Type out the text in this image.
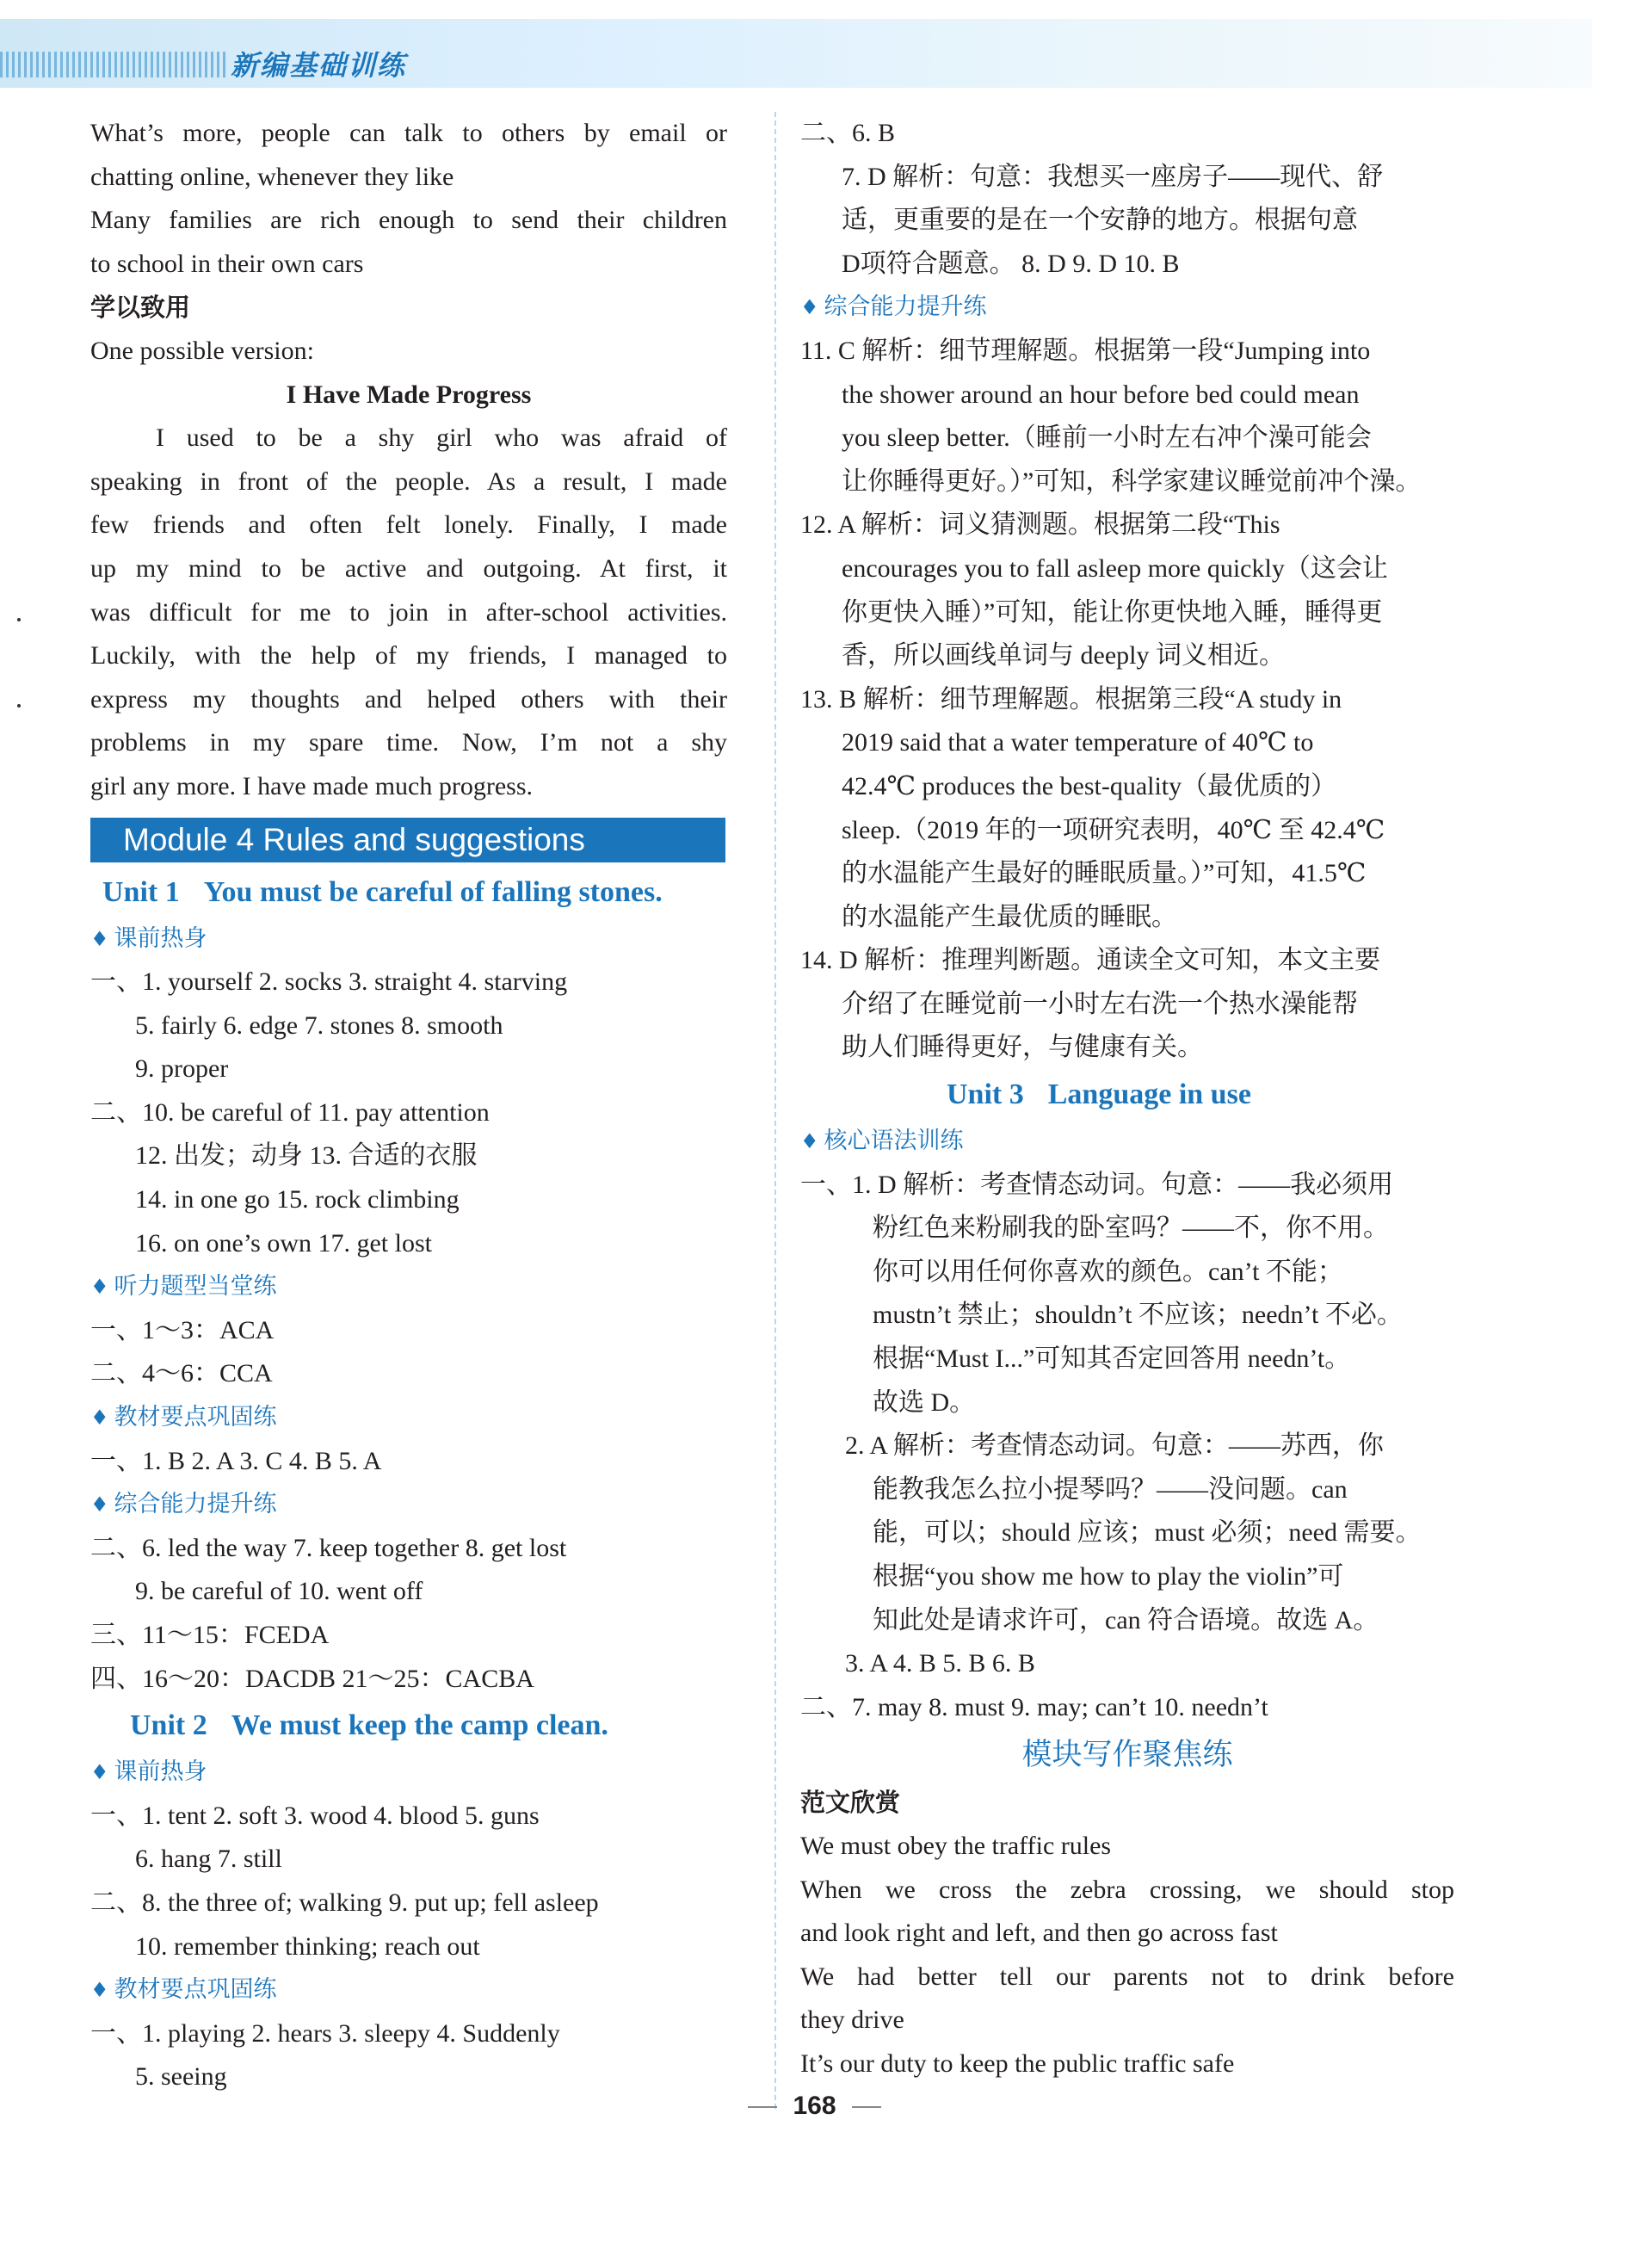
新编基础训练
What’s more, people can talk to others by email or
chatting online, whenever they like
Many families are rich enough to send their children
to school in their own cars
学以致用
One possible version:
I Have Made Progress
I used to be a shy girl who was afraid of
speaking in front of the people. As a result, I made
few friends and often felt lonely. Finally, I made
up my mind to be active and outgoing. At first, it
was difficult for me to join in after-school activities.
Luckily, with the help of my friends, I managed to
express my thoughts and helped others with their
problems in my spare time. Now, I’m not a shy
girl any more. I have made much progress.
Module 4 Rules and suggestions
Unit 1 You must be careful of falling stones.
♦ 课前热身
一、1. yourself 2. socks 3. straight 4. starving
5. fairly 6. edge 7. stones 8. smooth
9. proper
二、10. be careful of 11. pay attention
12. 出发；动身 13. 合适的衣服
14. in one go 15. rock climbing
16. on one’s own 17. get lost
♦ 听力题型当堂练
一、1～3：ACA
二、4～6：CCA
♦ 教材要点巩固练
一、1. B 2. A 3. C 4. B 5. A
♦ 综合能力提升练
二、6. led the way 7. keep together 8. get lost
9. be careful of 10. went off
三、11～15：FCEDA
四、16～20：DACDB 21～25：CACBA
Unit 2 We must keep the camp clean.
♦ 课前热身
一、1. tent 2. soft 3. wood 4. blood 5. guns
6. hang 7. still
二、8. the three of; walking 9. put up; fell asleep
10. remember thinking; reach out
♦ 教材要点巩固练
一、1. playing 2. hears 3. sleepy 4. Suddenly
5. seeing
二、6. B
7. D 解析：句意：我想买一座房子——现代、舒
适，更重要的是在一个安静的地方。根据句意
D项符合题意。 8. D 9. D 10. B
♦ 综合能力提升练
11. C 解析：细节理解题。根据第一段“Jumping into
the shower around an hour before bed could mean
you sleep better.（睡前一小时左右冲个澡可能会
让你睡得更好。）”可知，科学家建议睡觉前冲个澡。
12. A 解析：词义猜测题。根据第二段“This
encourages you to fall asleep more quickly（这会让
你更快入睡）”可知，能让你更快地入睡，睡得更
香，所以画线单词与 deeply 词义相近。
13. B 解析：细节理解题。根据第三段“A study in
2019 said that a water temperature of 40℃ to
42.4℃ produces the best-quality（最优质的）
sleep.（2019 年的一项研究表明，40℃ 至 42.4℃
的水温能产生最好的睡眠质量。）”可知，41.5℃
的水温能产生最优质的睡眠。
14. D 解析：推理判断题。通读全文可知，本文主要
介绍了在睡觉前一小时左右洗一个热水澡能帮
助人们睡得更好，与健康有关。
Unit 3 Language in use
♦ 核心语法训练
一、1. D 解析：考查情态动词。句意：——我必须用
粉红色来粉刷我的卧室吗？——不，你不用。
你可以用任何你喜欢的颜色。can’t 不能；
mustn’t 禁止；shouldn’t 不应该；needn’t 不必。
根据“Must I...”可知其否定回答用 needn’t。
故选 D。
2. A 解析：考查情态动词。句意：——苏西，你
能教我怎么拉小提琴吗？——没问题。can
能，可以；should 应该；must 必须；need 需要。
根据“you show me how to play the violin”可
知此处是请求许可，can 符合语境。故选 A。
3. A 4. B 5. B 6. B
二、7. may 8. must 9. may; can’t 10. needn’t
模块写作聚焦练
范文欣赏
We must obey the traffic rules
When we cross the zebra crossing, we should stop
and look right and left, and then go across fast
We had better tell our parents not to drink before
they drive
It’s our duty to keep the public traffic safe
168
